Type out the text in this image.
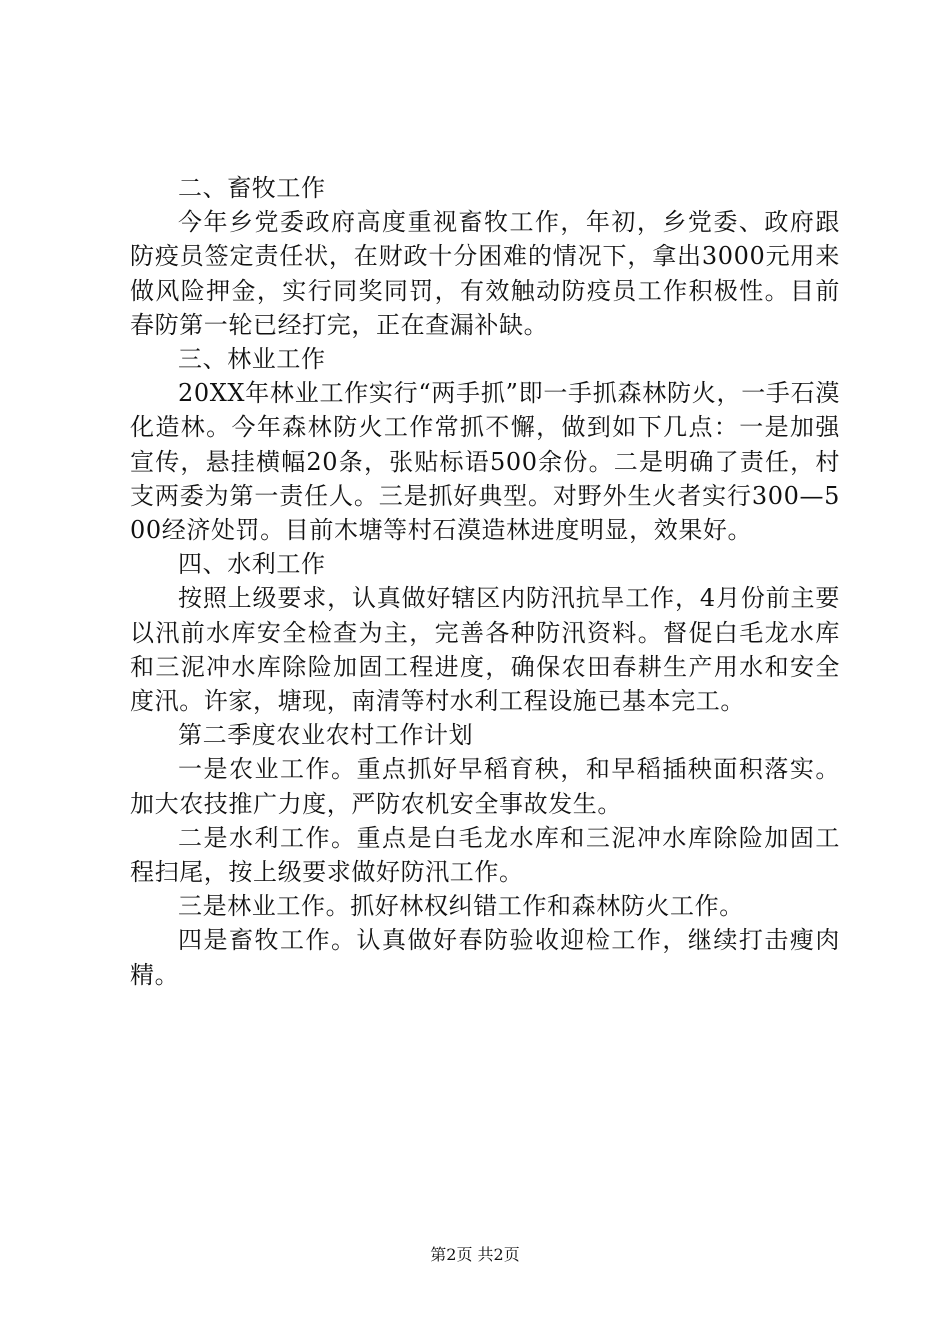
二、畜牧工作

今年乡党委政府高度重视畜牧工作，年初，乡党委、政府跟防疫员签定责任状，在财政十分困难的情况下，拿出3000元用来做风险押金，实行同奖同罚，有效触动防疫员工作积极性。目前春防第一轮已经打完，正在查漏补缺。

三、林业工作

20XX年林业工作实行“两手抓”即一手抓森林防火，一手石漠化造林。今年森林防火工作常抓不懈，做到如下几点：一是加强宣传，悬挂横幅20条，张贴标语500余份。二是明确了责任，村支两委为第一责任人。三是抓好典型。对野外生火者实行300—500经济处罚。目前木塘等村石漠造林进度明显，效果好。

四、水利工作

按照上级要求，认真做好辖区内防汛抗旱工作，4月份前主要以汛前水库安全检查为主，完善各种防汛资料。督促白毛龙水库和三泥冲水库除险加固工程进度，确保农田春耕生产用水和安全度汛。许家，塘现，南清等村水利工程设施已基本完工。

第二季度农业农村工作计划

一是农业工作。重点抓好早稻育秧，和早稻插秧面积落实。加大农技推广力度，严防农机安全事故发生。

二是水利工作。重点是白毛龙水库和三泥冲水库除险加固工程扫尾，按上级要求做好防汛工作。

三是林业工作。抓好林权纠错工作和森林防火工作。

四是畜牧工作。认真做好春防验收迎检工作，继续打击瘦肉精。

第2页 共2页
